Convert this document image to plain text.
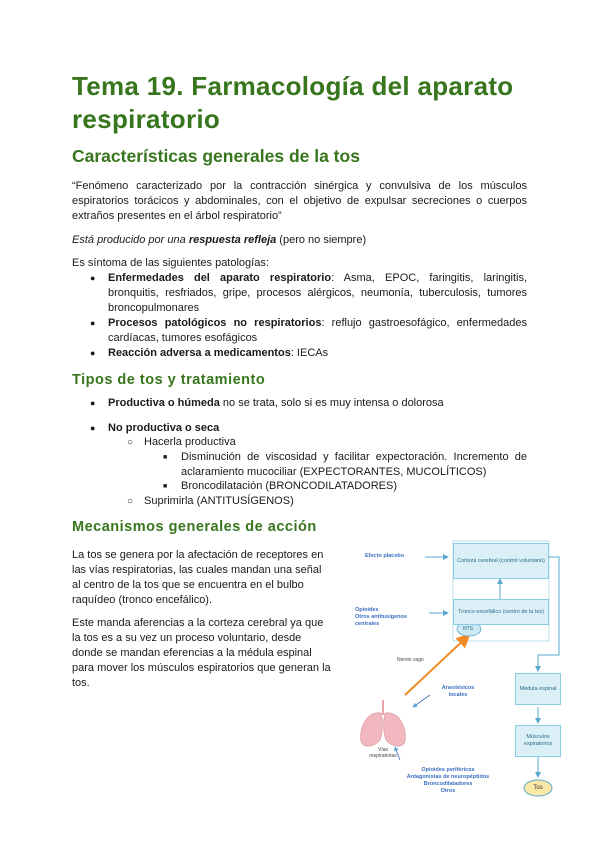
Tema 19. Farmacología del aparato respiratorio
Características generales de la tos
“Fenómeno caracterizado por la contracción sinérgica y convulsiva de los músculos espiratorios torácicos y abdominales, con el objetivo de expulsar secreciones o cuerpos extraños presentes en el árbol respiratorio”
Está producido por una respuesta refleja (pero no siempre)
Es síntoma de las siguientes patologías:
● Enfermedades del aparato respiratorio: Asma, EPOC, faringitis, laringitis,
bronquitis, resfriados, gripe, procesos alérgicos, neumonía, tuberculosis, tumores
broncopulmonares
● Procesos patológicos no respiratorios: reflujo gastroesofágico, enfermedades
cardíacas, tumores esofágicos
● Reacción adversa a medicamentos: IECAs
Tipos de tos y tratamiento
● Productiva o húmeda no se trata, solo si es muy intensa o dolorosa
● No productiva o seca
○ Hacerla productiva
■ Disminución de viscosidad y facilitar expectoración. Incremento de
aclaramiento mucociliar (EXPECTORANTES, MUCOLÍTICOS)
■ Broncodilatación (BRONCODILATADORES)
○ Suprimirla (ANTITUSÍGENOS)
Mecanismos generales de acción
La tos se genera por la afectación de receptores en
las vías respiratorias, las cuales mandan una señal
al centro de la tos que se encuentra en el bulbo
raquídeo (tronco encefálico).
Este manda aferencias a la corteza cerebral ya que
la tos es a su vez un proceso voluntario, desde
donde se mandan eferencias a la médula espinal
para mover los músculos espiratorios que generan la
tos.
Efecto placebo
Corteza cerebral (control voluntario)
Opioides
Otros antitusígenos centrales
Tronco encefálico (centro de la tos)
NTS
Nervio vago
Anestésicos locales
Médula espinal
Músculos espiratorios
Vías respiratorias
Opioides periféricos
Antagonistas de neuropéptidos
Broncodilatadores
Otros	Tos
